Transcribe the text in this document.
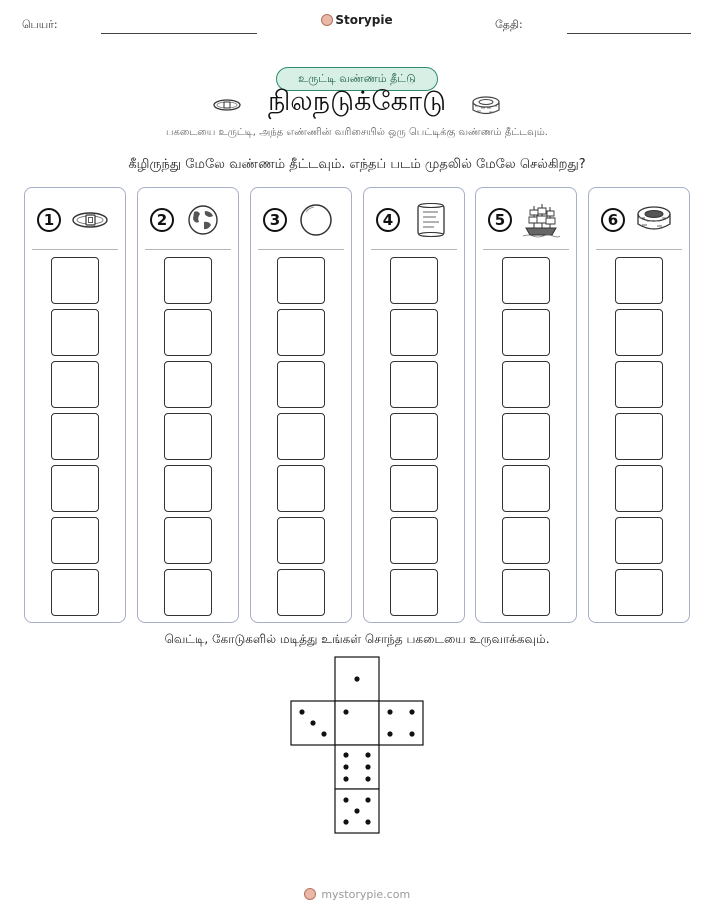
பெயர்:	Storypie	தேதி:
உருட்டி வண்ணம் தீட்டு
நிலநடுக்கோடு
பகடையை உருட்டி, அந்த எண்ணின் வரிசையில் ஒரு பெட்டிக்கு வண்ணம் தீட்டவும்.
கீழிருந்து மேலே வண்ணம் தீட்டவும். எந்தப் படம் முதலில் மேலே செல்கிறது?
1	2	3	4	5	6
வெட்டி, கோடுகளில் மடித்து உங்கள் சொந்த பகடையை உருவாக்கவும்.
mystorypie.com
